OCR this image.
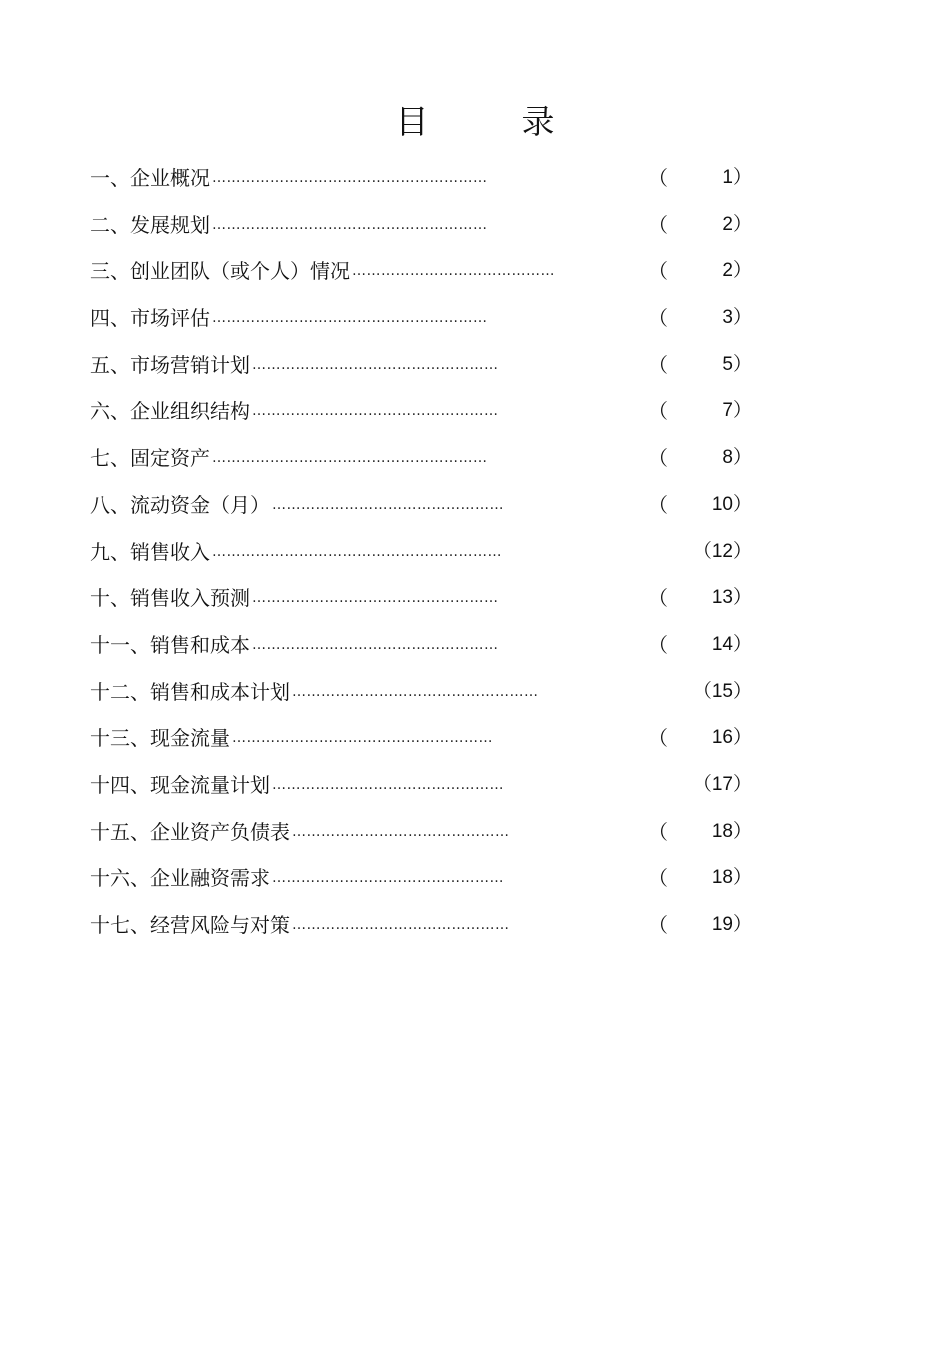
目　录
一、企业概况 …………………………………………………	（	1）
二、发展规划 …………………………………………………	（	2）
三、创业团队（或个人）情况 ……………………………………	（	2）
四、市场评估 …………………………………………………	（	3）
五、市场营销计划 ……………………………………………	（	5）
六、企业组织结构 ……………………………………………	（	7）
七、固定资产 …………………………………………………	（	8）
八、流动资金（月） …………………………………………	（ 10）
九、销售收入 ……………………………………………………	（12）
十、销售收入预测 ……………………………………………	（ 13）
十一、销售和成本 ……………………………………………	（ 14）
十二、销售和成本计划 ……………………………………………	（15）
十三、现金流量 ………………………………………………	（ 16）
十四、现金流量计划 …………………………………………	（17）
十五、企业资产负债表 ………………………………………	（ 18）
十六、企业融资需求 …………………………………………	（ 18）
十七、经营风险与对策 ………………………………………	（ 19）
